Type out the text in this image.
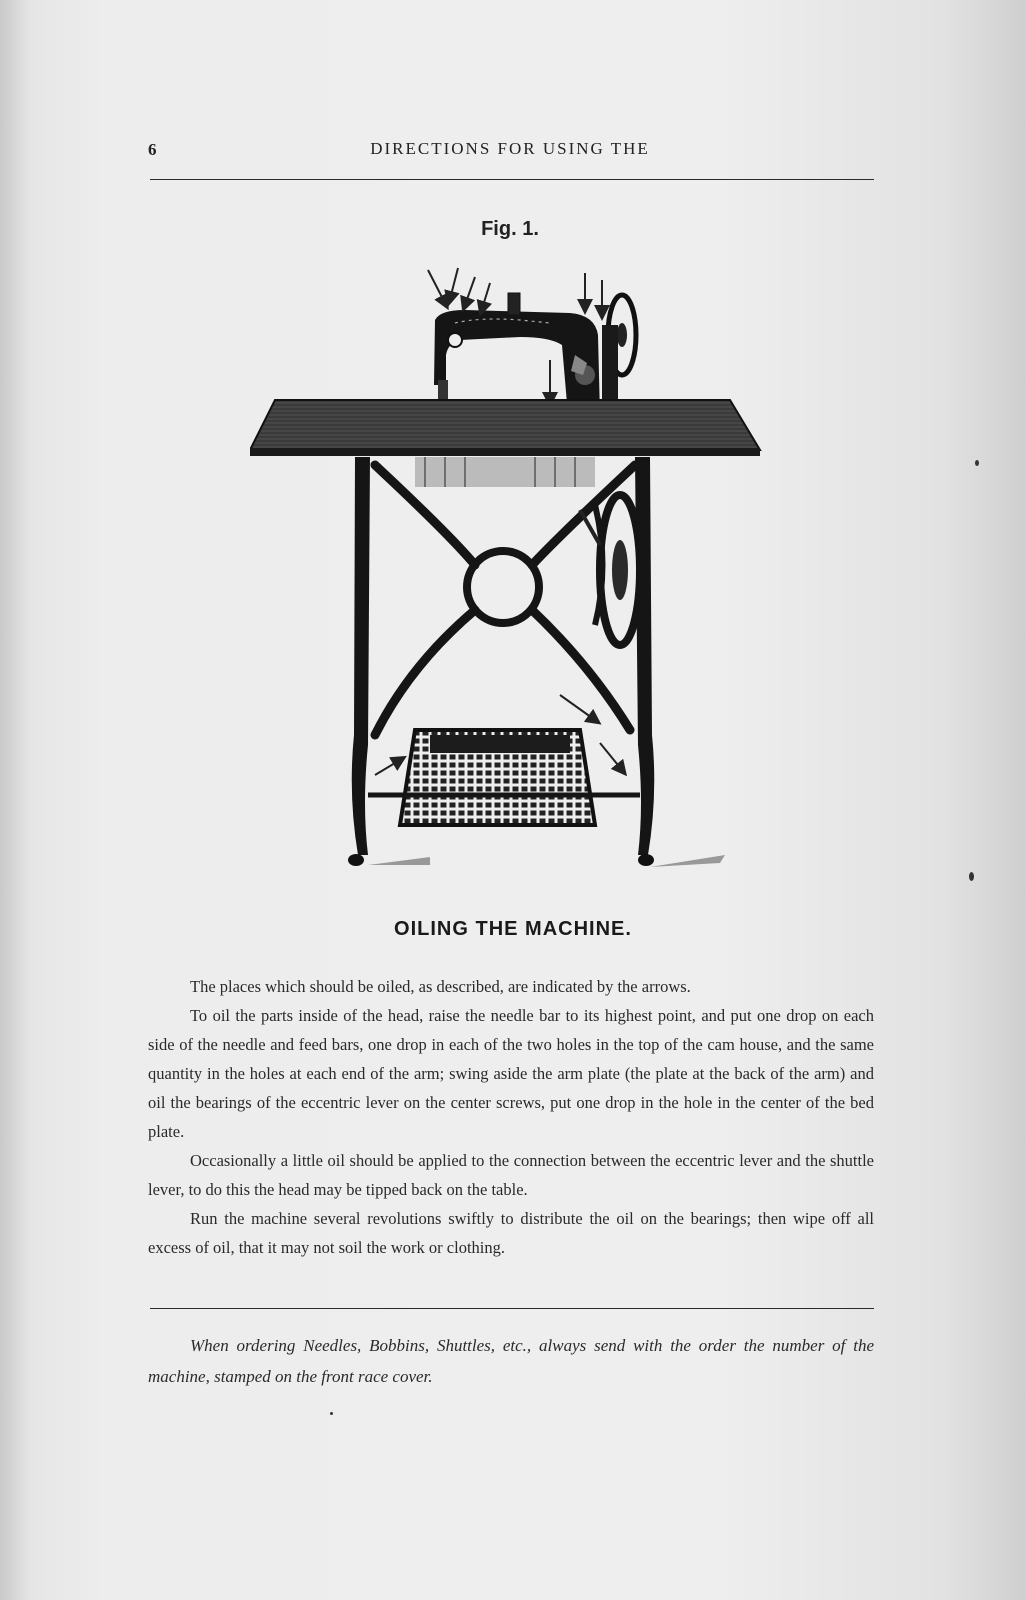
6	DIRECTIONS FOR USING THE
Fig. 1.
OILING THE MACHINE.

The places which should be oiled, as described, are indicated by the arrows.

To oil the parts inside of the head, raise the needle bar to its highest point, and put one drop on each side of the needle and feed bars, one drop in each of the two holes in the top of the cam house, and the same quantity in the holes at each end of the arm; swing aside the arm plate (the plate at the back of the arm) and oil the bearings of the eccentric lever on the center screws, put one drop in the hole in the center of the bed plate.

Occasionally a little oil should be applied to the connection between the eccentric lever and the shuttle lever, to do this the head may be tipped back on the table.

Run the machine several revolutions swiftly to distribute the oil on the bearings; then wipe off all excess of oil, that it may not soil the work or clothing.

When ordering Needles, Bobbins, Shuttles, etc., always send with the order the number of the machine, stamped on the front race cover.
